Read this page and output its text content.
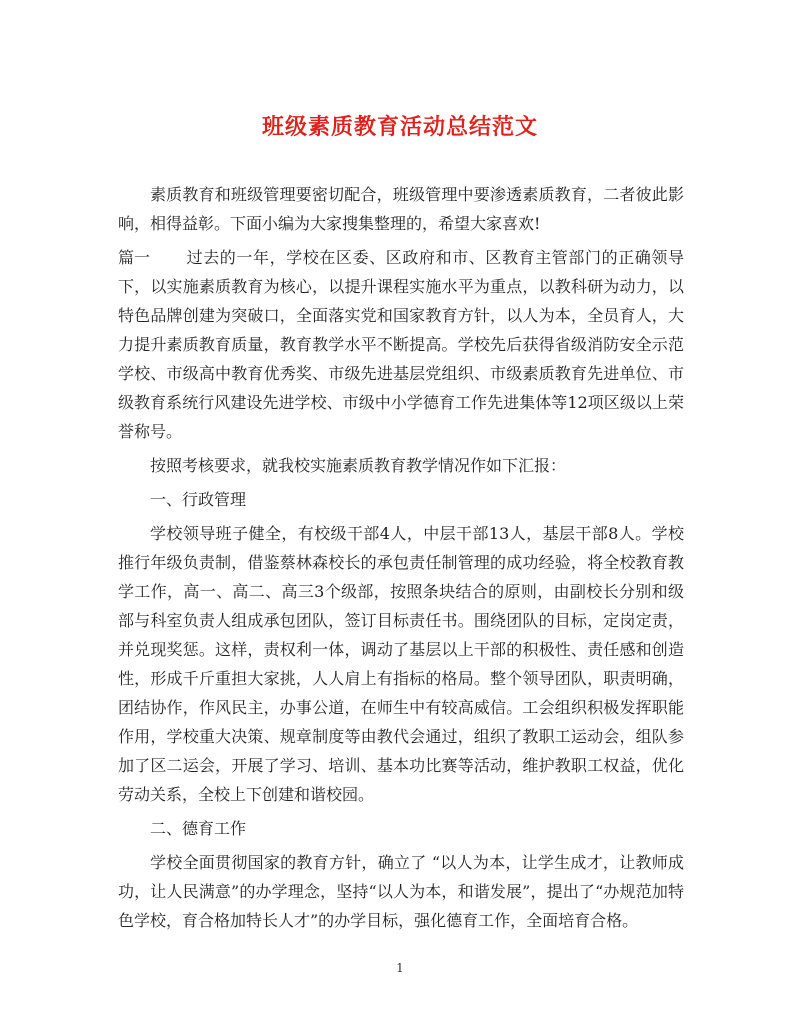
班级素质教育活动总结范文

素质教育和班级管理要密切配合，班级管理中要渗透素质教育，二者彼此影响，相得益彰。下面小编为大家搜集整理的，希望大家喜欢!

篇一 过去的一年，学校在区委、区政府和市、区教育主管部门的正确领导下，以实施素质教育为核心，以提升课程实施水平为重点，以教科研为动力，以特色品牌创建为突破口，全面落实党和国家教育方针，以人为本，全员育人，大力提升素质教育质量，教育教学水平不断提高。学校先后获得省级消防安全示范学校、市级高中教育优秀奖、市级先进基层党组织、市级素质教育先进单位、市级教育系统行风建设先进学校、市级中小学德育工作先进集体等12项区级以上荣誉称号。

按照考核要求，就我校实施素质教育教学情况作如下汇报：

一、行政管理

学校领导班子健全，有校级干部4人，中层干部13人，基层干部8人。学校推行年级负责制，借鉴蔡林森校长的承包责任制管理的成功经验，将全校教育教学工作，高一、高二、高三3个级部，按照条块结合的原则，由副校长分别和级部与科室负责人组成承包团队，签订目标责任书。围绕团队的目标，定岗定责，并兑现奖惩。这样，责权利一体，调动了基层以上干部的积极性、责任感和创造性，形成千斤重担大家挑，人人肩上有指标的格局。整个领导团队，职责明确，团结协作，作风民主，办事公道，在师生中有较高威信。工会组织积极发挥职能作用，学校重大决策、规章制度等由教代会通过，组织了教职工运动会，组队参加了区二运会，开展了学习、培训、基本功比赛等活动，维护教职工权益，优化劳动关系，全校上下创建和谐校园。

二、德育工作

学校全面贯彻国家的教育方针，确立了 “以人为本，让学生成才，让教师成功，让人民满意”的办学理念，坚持“以人为本，和谐发展”，提出了“办规范加特色学校，育合格加特长人才”的办学目标，强化德育工作，全面培育合格。

1
